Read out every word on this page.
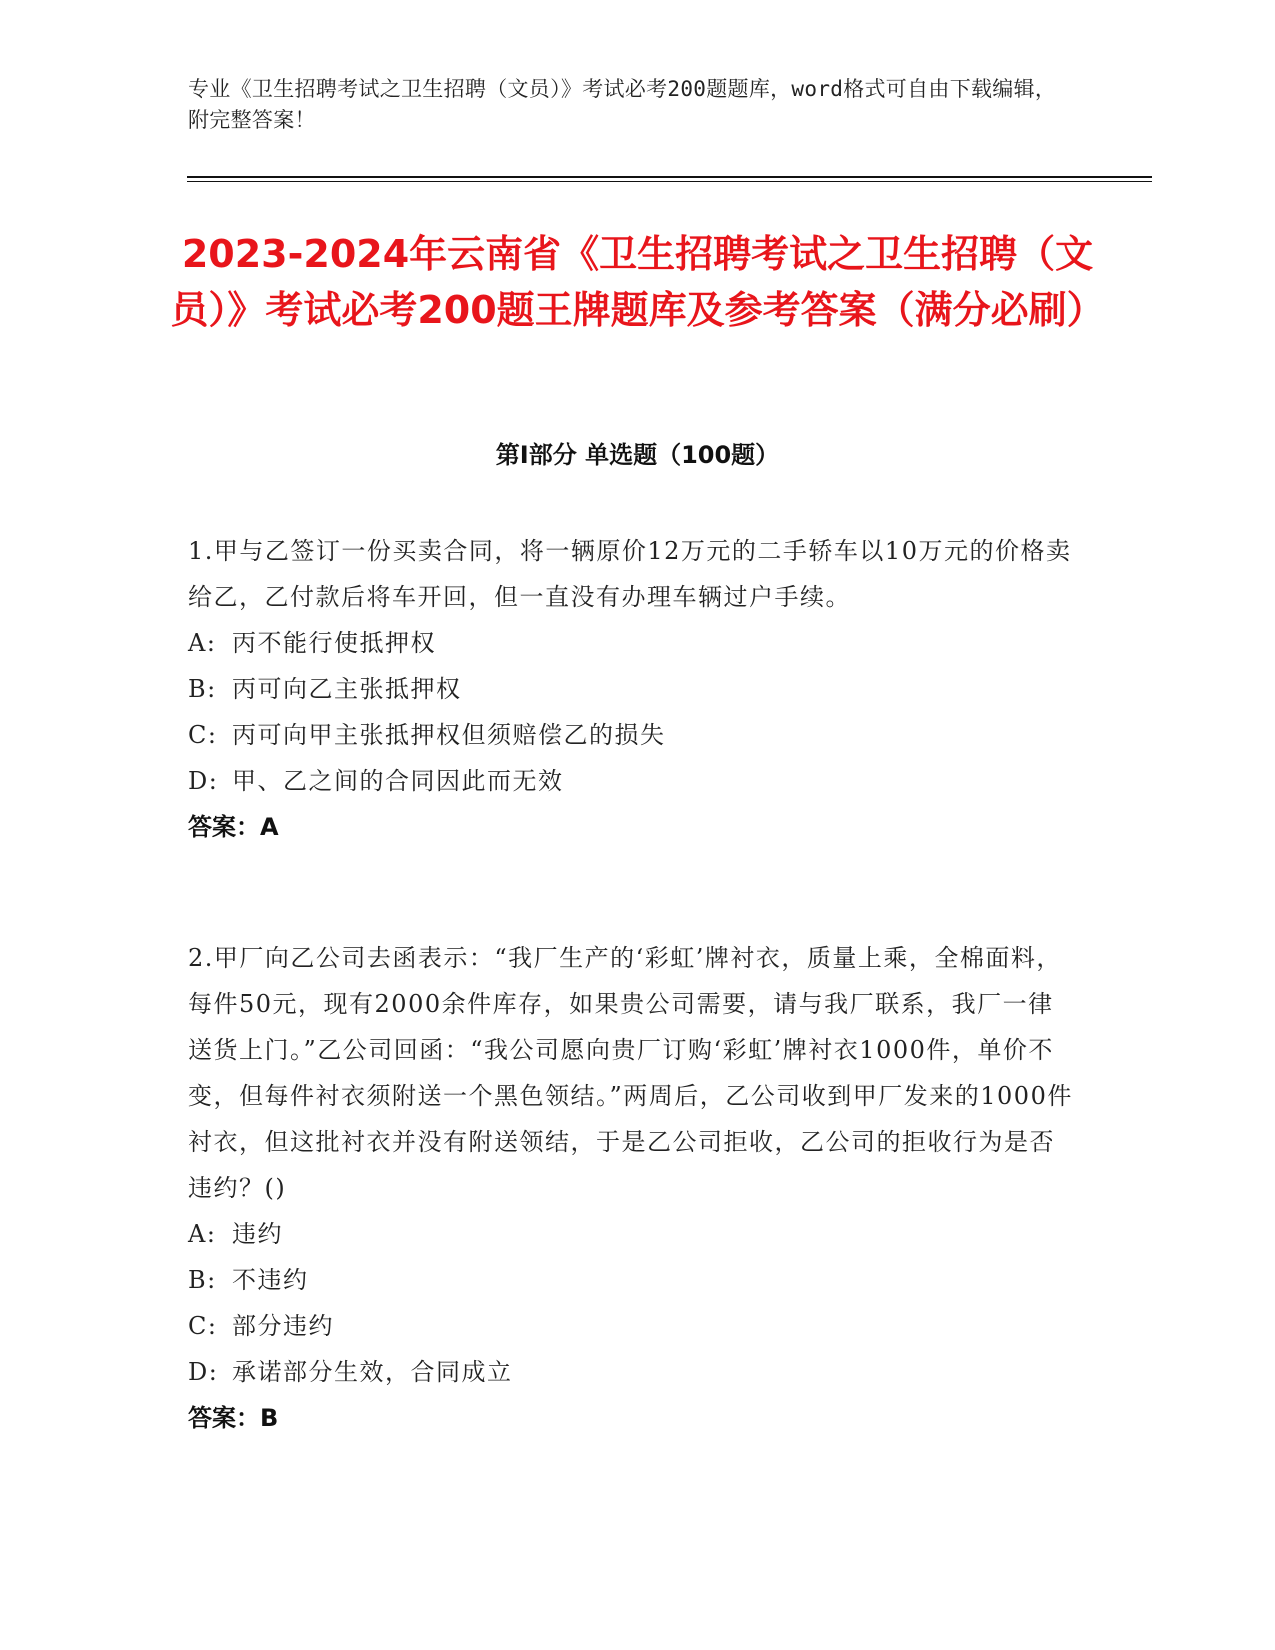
专业《卫生招聘考试之卫生招聘（文员）》考试必考200题题库，word格式可自由下载编辑，附完整答案！
2023-2024年云南省《卫生招聘考试之卫生招聘（文员）》考试必考200题王牌题库及参考答案（满分必刷）
第I部分 单选题（100题）

1.甲与乙签订一份买卖合同，将一辆原价12万元的二手轿车以10万元的价格卖给乙，乙付款后将车开回，但一直没有办理车辆过户手续。

A: 丙不能行使抵押权
B: 丙可向乙主张抵押权
C: 丙可向甲主张抵押权但须赔偿乙的损失
D: 甲、乙之间的合同因此而无效
答案：A

2.甲厂向乙公司去函表示：“我厂生产的‘彩虹’牌衬衣，质量上乘，全棉面料，每件50元，现有2000余件库存，如果贵公司需要，请与我厂联系，我厂一律送货上门。”乙公司回函：“我公司愿向贵厂订购‘彩虹’牌衬衣1000件，单价不变，但每件衬衣须附送一个黑色领结。”两周后，乙公司收到甲厂发来的1000件衬衣，但这批衬衣并没有附送领结，于是乙公司拒收，乙公司的拒收行为是否违约？()

A: 违约
B: 不违约
C: 部分违约
D: 承诺部分生效，合同成立
答案：B
